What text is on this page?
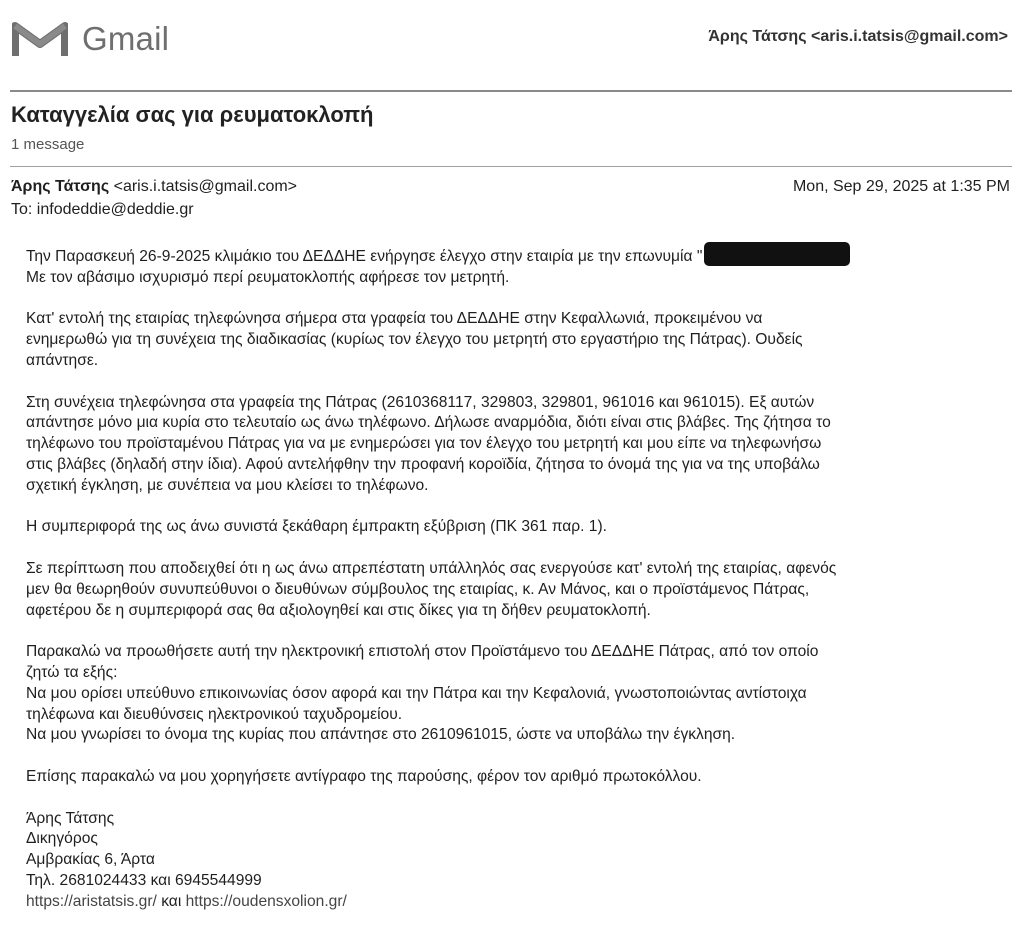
Gmail	Άρης Τάτσης <aris.i.tatsis@gmail.com>
Καταγγελία σας για ρευματοκλοπή
1 message
Άρης Τάτσης <aris.i.tatsis@gmail.com>	Mon, Sep 29, 2025 at 1:35 PM
To: infodeddie@deddie.gr

Την Παρασκευή 26-9-2025 κλιμάκιο του ΔΕΔΔΗΕ ενήργησε έλεγχο στην εταιρία με την επωνυμία "
Με τον αβάσιμο ισχυρισμό περί ρευματοκλοπής αφήρεσε τον μετρητή.

Κατ' εντολή της εταιρίας τηλεφώνησα σήμερα στα γραφεία του ΔΕΔΔΗΕ στην Κεφαλλωνιά, προκειμένου να
ενημερωθώ για τη συνέχεια της διαδικασίας (κυρίως τον έλεγχο του μετρητή στο εργαστήριο της Πάτρας). Ουδείς
απάντησε.

Στη συνέχεια τηλεφώνησα στα γραφεία της Πάτρας (2610368117, 329803, 329801, 961016 και 961015). Εξ αυτών
απάντησε μόνο μια κυρία στο τελευταίο ως άνω τηλέφωνο. Δήλωσε αναρμόδια, διότι είναι στις βλάβες. Της ζήτησα το
τηλέφωνο του προϊσταμένου Πάτρας για να με ενημερώσει για τον έλεγχο του μετρητή και μου είπε να τηλεφωνήσω
στις βλάβες (δηλαδή στην ίδια). Αφού αντελήφθην την προφανή κοροϊδία, ζήτησα το όνομά της για να της υποβάλω
σχετική έγκληση, με συνέπεια να μου κλείσει το τηλέφωνο.

Η συμπεριφορά της ως άνω συνιστά ξεκάθαρη έμπρακτη εξύβριση (ΠΚ 361 παρ. 1).

Σε περίπτωση που αποδειχθεί ότι η ως άνω απρεπέστατη υπάλληλός σας ενεργούσε κατ' εντολή της εταιρίας, αφενός
μεν θα θεωρηθούν συνυπεύθυνοι ο διευθύνων σύμβουλος της εταιρίας, κ. Αν Μάνος, και ο προϊστάμενος Πάτρας,
αφετέρου δε η συμπεριφορά σας θα αξιολογηθεί και στις δίκες για τη δήθεν ρευματοκλοπή.

Παρακαλώ να προωθήσετε αυτή την ηλεκτρονική επιστολή στον Προϊστάμενο του ΔΕΔΔΗΕ Πάτρας, από τον οποίο
ζητώ τα εξής:
Να μου ορίσει υπεύθυνο επικοινωνίας όσον αφορά και την Πάτρα και την Κεφαλονιά, γνωστοποιώντας αντίστοιχα
τηλέφωνα και διευθύνσεις ηλεκτρονικού ταχυδρομείου.
Να μου γνωρίσει το όνομα της κυρίας που απάντησε στο 2610961015, ώστε να υποβάλω την έγκληση.

Επίσης παρακαλώ να μου χορηγήσετε αντίγραφο της παρούσης, φέρον τον αριθμό πρωτοκόλλου.

Άρης Τάτσης
Δικηγόρος
Αμβρακίας 6, Άρτα
Τηλ. 2681024433 και 6945544999
https://aristatsis.gr/ και https://oudensxolion.gr/
